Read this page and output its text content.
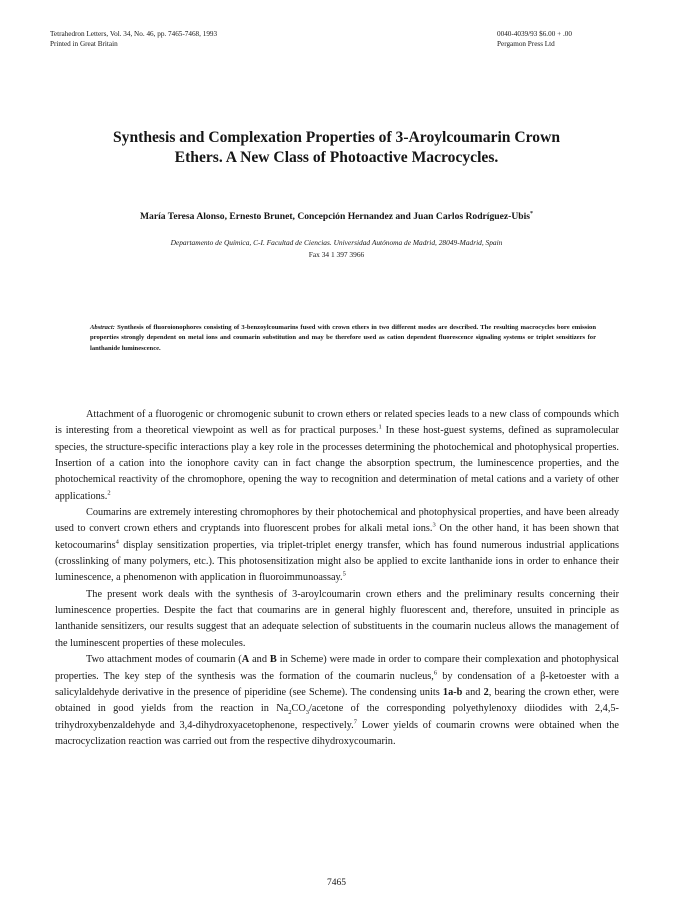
Tetrahedron Letters, Vol. 34, No. 46, pp. 7465-7468, 1993
Printed in Great Britain
0040-4039/93 $6.00 + .00
Pergamon Press Ltd
Synthesis and Complexation Properties of 3-Aroylcoumarin Crown
Ethers. A New Class of Photoactive Macrocycles.
María Teresa Alonso, Ernesto Brunet, Concepción Hernandez and Juan Carlos Rodríguez-Ubis*
Departamento de Química, C-I. Facultad de Ciencias. Universidad Autónoma de Madrid, 28049-Madrid, Spain
Fax 34 1 397 3966
Abstract: Synthesis of fluoroionophores consisting of 3-benzoylcoumarins fused with crown ethers in two different modes are described. The resulting macrocycles bore emission properties strongly dependent on metal ions and coumarin substitution and may be therefore used as cation dependent fluorescence signaling systems or triplet sensitizers for lanthanide luminescence.

Attachment of a fluorogenic or chromogenic subunit to crown ethers or related species leads to a new class of compounds which is interesting from a theoretical viewpoint as well as for practical purposes.$^1$ In these host-guest systems, defined as supramolecular species, the structure-specific interactions play a key role in the processes determining the photochemical and photophysical properties. Insertion of a cation into the ionophore cavity can in fact change the absorption spectrum, the luminescence properties, and the photochemical reactivity of the chromophore, opening the way to recognition and determination of metal cations and a variety of other applications.$^2$

Coumarins are extremely interesting chromophores by their photochemical and photophysical properties, and have been already used to convert crown ethers and cryptands into fluorescent probes for alkali metal ions.$^3$ On the other hand, it has been shown that ketocoumarins$^4$ display sensitization properties, via triplet-triplet energy transfer, which has found numerous industrial applications (crosslinking of many polymers, etc.). This photosensitization might also be applied to excite lanthanide ions in order to enhance their luminescence, a phenomenon with application in fluoroimmunoassay.$^5$

The present work deals with the synthesis of 3-aroylcoumarin crown ethers and the preliminary results concerning their luminescence properties. Despite the fact that coumarins are in general highly fluorescent and, therefore, unsuited in principle as lanthanide sensitizers, our results suggest that an adequate selection of substituents in the coumarin nucleus allows the management of the luminescent properties of these molecules.

Two attachment modes of coumarin (A and B in Scheme) were made in order to compare their complexation and photophysical properties. The key step of the synthesis was the formation of the coumarin nucleus,$^6$ by condensation of a β-ketoester with a salicylaldehyde derivative in the presence of piperidine (see Scheme). The condensing units 1a-b and 2, bearing the crown ether, were obtained in good yields from the reaction in $Na_2CO_3$/acetone of the corresponding polyethylenoxy diiodides with 2,4,5-trihydroxybenzaldehyde and 3,4-dihydroxyacetophenone, respectively.$^7$ Lower yields of coumarin crowns were obtained when the macrocyclization reaction was carried out from the respective dihydroxycoumarin.

7465
